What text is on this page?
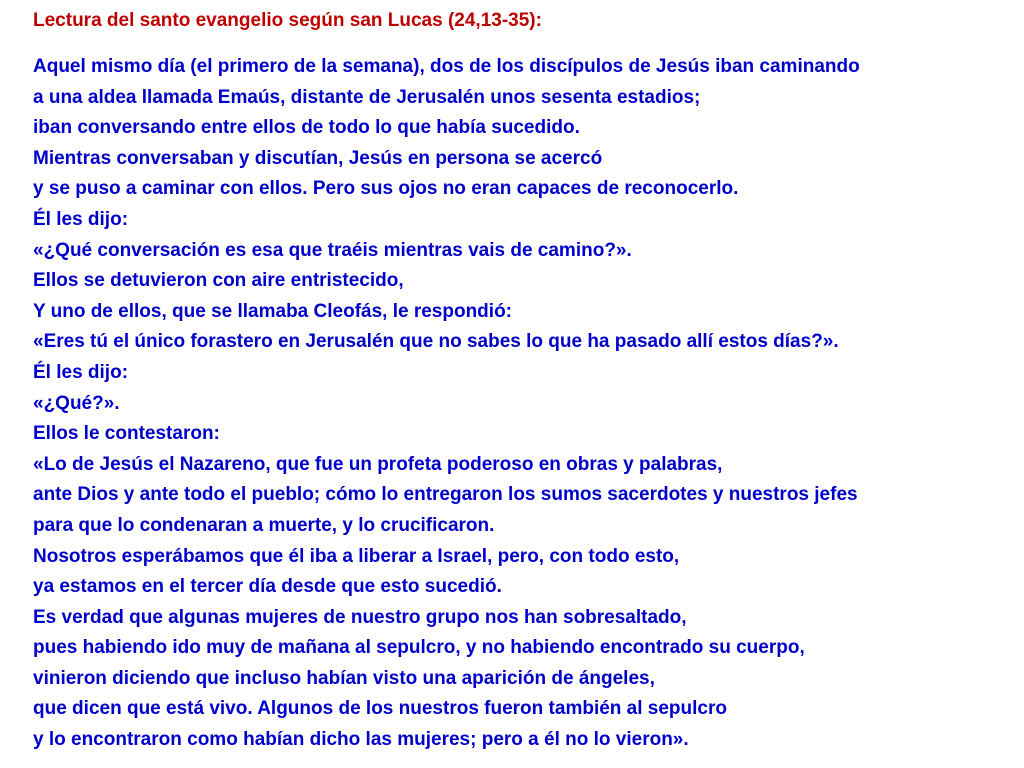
Lectura del santo evangelio según san Lucas (24,13-35):
Aquel mismo día (el primero de la semana), dos de los discípulos de Jesús iban caminando
a una aldea llamada Emaús, distante de Jerusalén unos sesenta estadios;
iban conversando entre ellos de todo lo que había sucedido.
Mientras conversaban y discutían, Jesús en persona se acercó
y se puso a caminar con ellos. Pero sus ojos no eran capaces de reconocerlo.
Él les dijo:
«¿Qué conversación es esa que traéis mientras vais de camino?».
Ellos se detuvieron con aire entristecido,
Y uno de ellos, que se llamaba Cleofás, le respondió:
«Eres tú el único forastero en Jerusalén que no sabes lo que ha pasado allí estos días?».
Él les dijo:
«¿Qué?».
Ellos le contestaron:
«Lo de Jesús el Nazareno, que fue un profeta poderoso en obras y palabras,
ante Dios y ante todo el pueblo; cómo lo entregaron los sumos sacerdotes y nuestros jefes
para que lo condenaran a muerte, y lo crucificaron.
Nosotros esperábamos que él iba a liberar a Israel, pero, con todo esto,
ya estamos en el tercer día desde que esto sucedió.
Es verdad que algunas mujeres de nuestro grupo nos han sobresaltado,
pues habiendo ido muy de mañana al sepulcro, y no habiendo encontrado su cuerpo,
vinieron diciendo que incluso habían visto una aparición de ángeles,
que dicen que está vivo. Algunos de los nuestros fueron también al sepulcro
y lo encontraron como habían dicho las mujeres; pero a él no lo vieron».
